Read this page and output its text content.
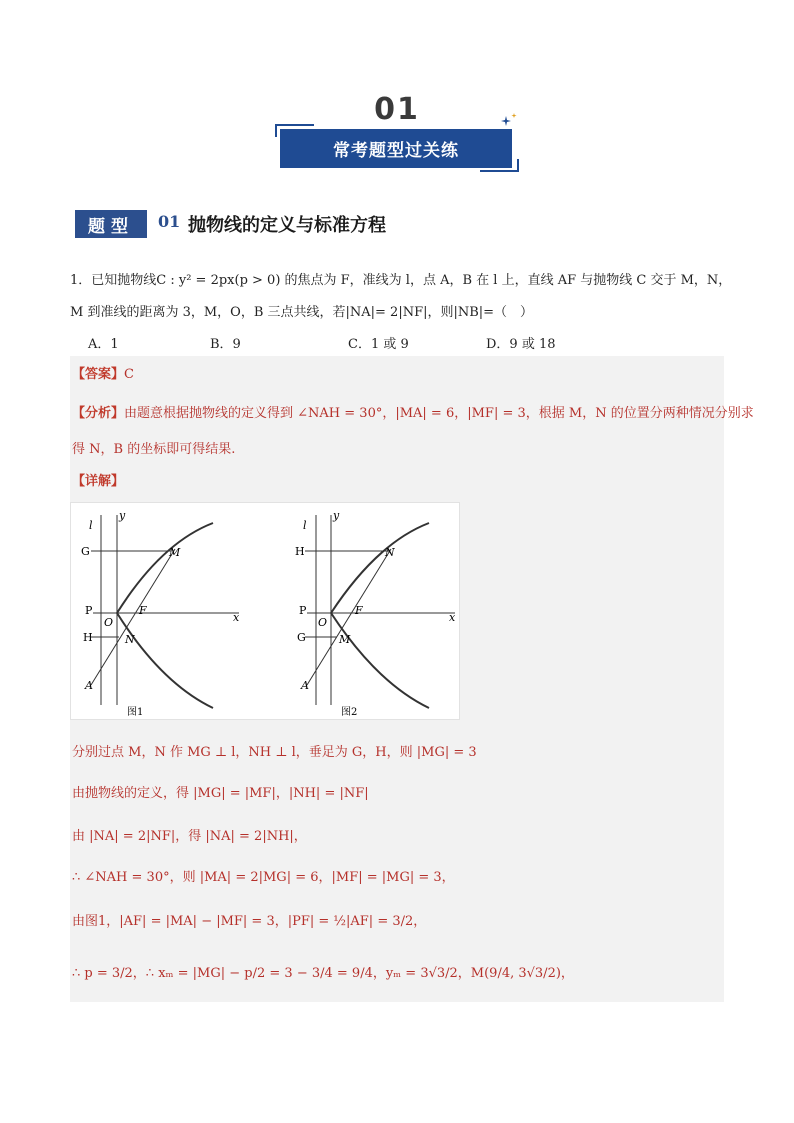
01
常考题型过关练
题型	01 抛物线的定义与标准方程
1．已知抛物线C : y² = 2px(p > 0) 的焦点为 F，准线为 l，点 A，B 在 l 上，直线 AF 与抛物线 C 交于 M，N，
M 到准线的距离为 3，M，O，B 三点共线，若|NA|= 2|NF|，则|NB|=（　）
A．1	B．9	C．1 或 9	D．9 或 18
【答案】C
【分析】由题意根据抛物线的定义得到 ∠NAH = 30°，|MA| = 6，|MF| = 3，根据 M，N 的位置分两种情况分别求
得 N，B 的坐标即可得结果.
【详解】
l
y
x
G	M
P
O
F
H	N
A
图1
l
y
x
H	N
P
O
F
G	M
A
图2
分别过点 M，N 作 MG ⊥ l，NH ⊥ l，垂足为 G，H，则 |MG| = 3
由抛物线的定义，得 |MG| = |MF|，|NH| = |NF|
由 |NA| = 2|NF|，得 |NA| = 2|NH|，
∴ ∠NAH = 30°，则 |MA| = 2|MG| = 6，|MF| = |MG| = 3，
由图1，|AF| = |MA| − |MF| = 3，|PF| = ½|AF| = 3/2，
∴ p = 3/2，∴ xₘ = |MG| − p/2 = 3 − 3/4 = 9/4，yₘ = 3√3/2，M(9/4, 3√3/2)，
